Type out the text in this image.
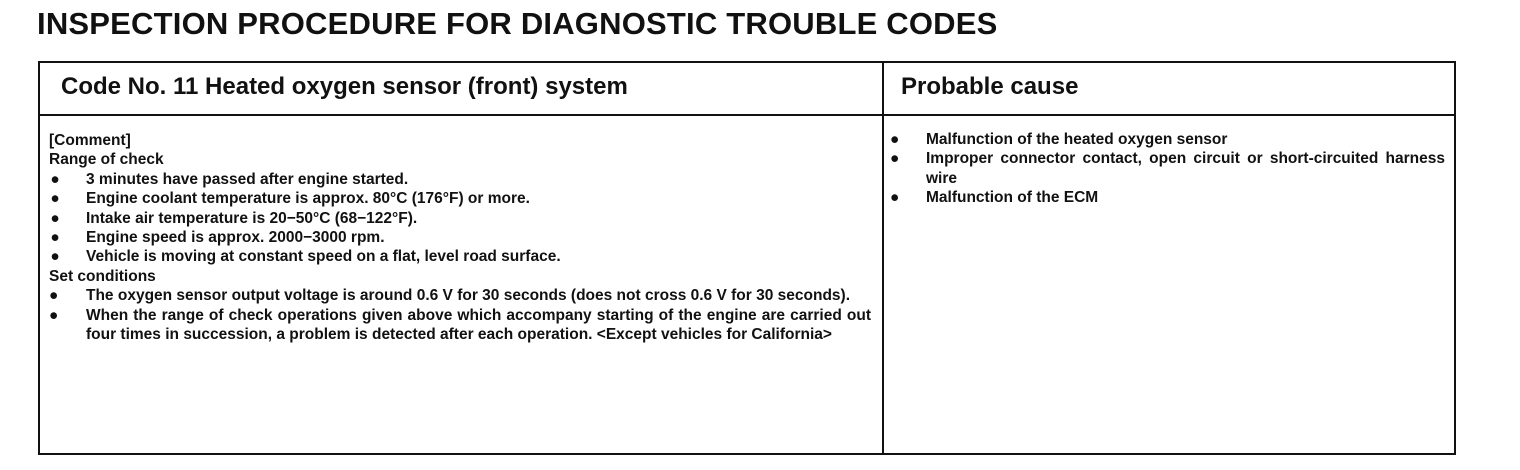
INSPECTION PROCEDURE FOR DIAGNOSTIC TROUBLE CODES
Code No. 11 Heated oxygen sensor (front) system	Probable cause
[Comment]
Range of check
● 3 minutes have passed after engine started.
● Engine coolant temperature is approx. 80°C (176°F) or more.
● Intake air temperature is 20−50°C (68−122°F).
● Engine speed is approx. 2000−3000 rpm.
● Vehicle is moving at constant speed on a flat, level road surface.
Set conditions
● The oxygen sensor output voltage is around 0.6 V for 30 seconds (does not cross 0.6 V for 30 seconds).
● When the range of check operations given above which accompany starting of the engine are carried out four times in succession, a problem is detected after each operation. <Except vehicles for California>
● Malfunction of the heated oxygen sensor
● Improper connector contact, open circuit or short-circuited harness wire
● Malfunction of the ECM
